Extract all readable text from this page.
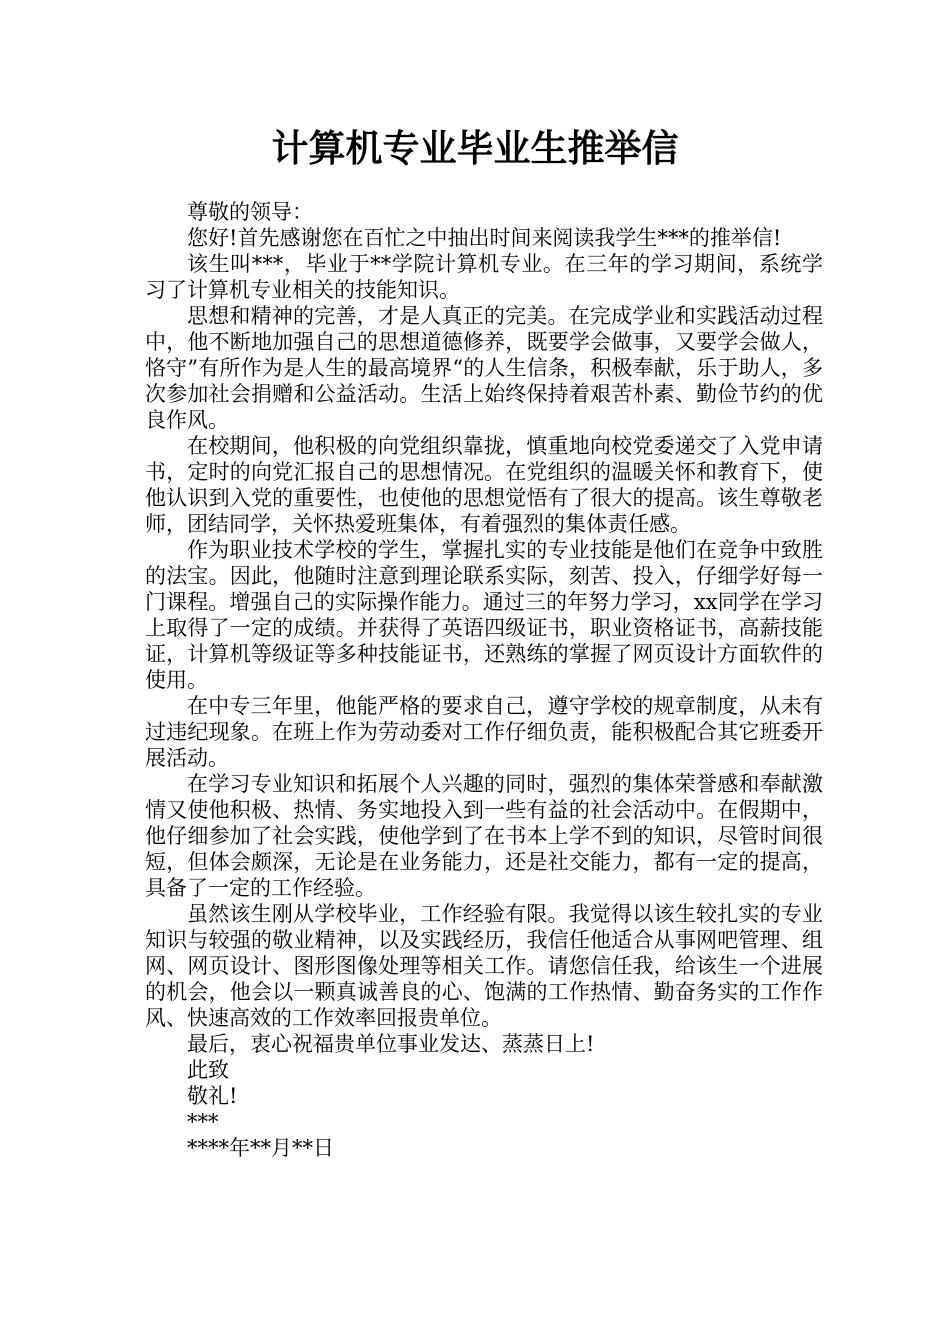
计算机专业毕业生推举信

尊敬的领导：

您好!首先感谢您在百忙之中抽出时间来阅读我学生***的推举信!

该生叫***，毕业于**学院计算机专业。在三年的学习期间，系统学习了计算机专业相关的技能知识。

思想和精神的完善，才是人真正的完美。在完成学业和实践活动过程中，他不断地加强自己的思想道德修养，既要学会做事，又要学会做人，恪守”有所作为是人生的最高境界“的人生信条，积极奉献，乐于助人，多次参加社会捐赠和公益活动。生活上始终保持着艰苦朴素、勤俭节约的优良作风。

在校期间，他积极的向党组织靠拢，慎重地向校党委递交了入党申请书，定时的向党汇报自己的思想情况。在党组织的温暖关怀和教育下，使他认识到入党的重要性，也使他的思想觉悟有了很大的提高。该生尊敬老师，团结同学，关怀热爱班集体，有着强烈的集体责任感。

作为职业技术学校的学生，掌握扎实的专业技能是他们在竞争中致胜的法宝。因此，他随时注意到理论联系实际，刻苦、投入，仔细学好每一门课程。增强自己的实际操作能力。通过三的年努力学习，xx同学在学习上取得了一定的成绩。并获得了英语四级证书，职业资格证书，高薪技能证，计算机等级证等多种技能证书，还熟练的掌握了网页设计方面软件的使用。

在中专三年里，他能严格的要求自己，遵守学校的规章制度，从未有过违纪现象。在班上作为劳动委对工作仔细负责，能积极配合其它班委开展活动。

在学习专业知识和拓展个人兴趣的同时，强烈的集体荣誉感和奉献激情又使他积极、热情、务实地投入到一些有益的社会活动中。在假期中，他仔细参加了社会实践，使他学到了在书本上学不到的知识，尽管时间很短，但体会颇深，无论是在业务能力，还是社交能力，都有一定的提高，具备了一定的工作经验。

虽然该生刚从学校毕业，工作经验有限。我觉得以该生较扎实的专业知识与较强的敬业精神，以及实践经历，我信任他适合从事网吧管理、组网、网页设计、图形图像处理等相关工作。请您信任我，给该生一个进展的机会，他会以一颗真诚善良的心、饱满的工作热情、勤奋务实的工作作风、快速高效的工作效率回报贵单位。

最后，衷心祝福贵单位事业发达、蒸蒸日上!

此致

敬礼!

***

****年**月**日
